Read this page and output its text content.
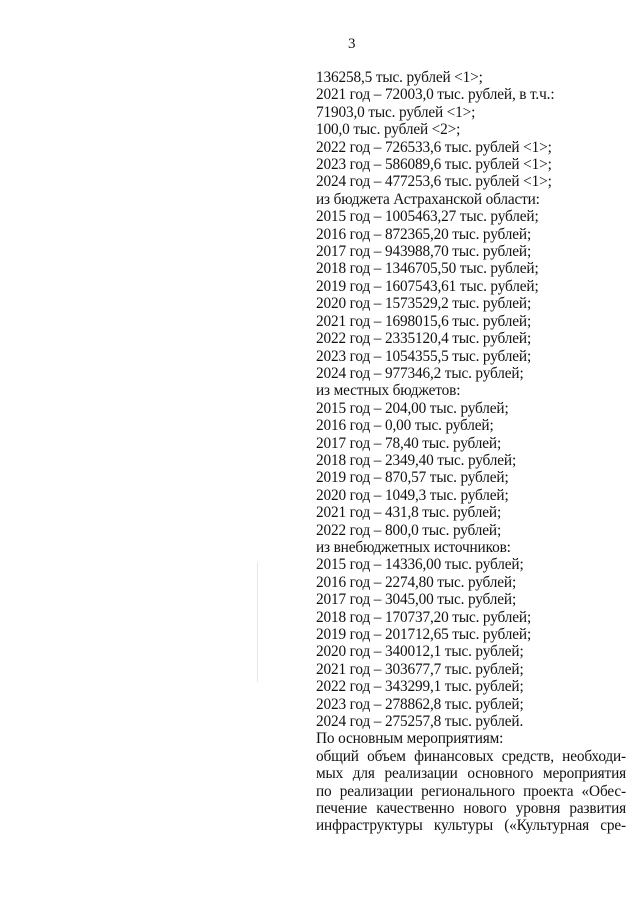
3
136258,5 тыс. рублей <1>;
2021 год – 72003,0 тыс. рублей, в т.ч.:
71903,0 тыс. рублей <1>;
100,0 тыс. рублей <2>;
2022 год – 726533,6 тыс. рублей <1>;
2023 год – 586089,6 тыс. рублей <1>;
2024 год – 477253,6 тыс. рублей <1>;
из бюджета Астраханской области:
2015 год – 1005463,27 тыс. рублей;
2016 год – 872365,20 тыс. рублей;
2017 год – 943988,70 тыс. рублей;
2018 год – 1346705,50 тыс. рублей;
2019 год – 1607543,61 тыс. рублей;
2020 год – 1573529,2 тыс. рублей;
2021 год – 1698015,6 тыс. рублей;
2022 год – 2335120,4 тыс. рублей;
2023 год – 1054355,5 тыс. рублей;
2024 год – 977346,2 тыс. рублей;
из местных бюджетов:
2015 год – 204,00 тыс. рублей;
2016 год – 0,00 тыс. рублей;
2017 год – 78,40 тыс. рублей;
2018 год – 2349,40 тыс. рублей;
2019 год – 870,57 тыс. рублей;
2020 год – 1049,3 тыс. рублей;
2021 год – 431,8 тыс. рублей;
2022 год – 800,0 тыс. рублей;
из внебюджетных источников:
2015 год – 14336,00 тыс. рублей;
2016 год – 2274,80 тыс. рублей;
2017 год – 3045,00 тыс. рублей;
2018 год – 170737,20 тыс. рублей;
2019 год – 201712,65 тыс. рублей;
2020 год – 340012,1 тыс. рублей;
2021 год – 303677,7 тыс. рублей;
2022 год – 343299,1 тыс. рублей;
2023 год – 278862,8 тыс. рублей;
2024 год – 275257,8 тыс. рублей.
По основным мероприятиям:
общий объем финансовых средств, необходи-
мых для реализации основного мероприятия
по реализации регионального проекта «Обес-
печение качественно нового уровня развития
инфраструктуры культуры («Культурная сре-
